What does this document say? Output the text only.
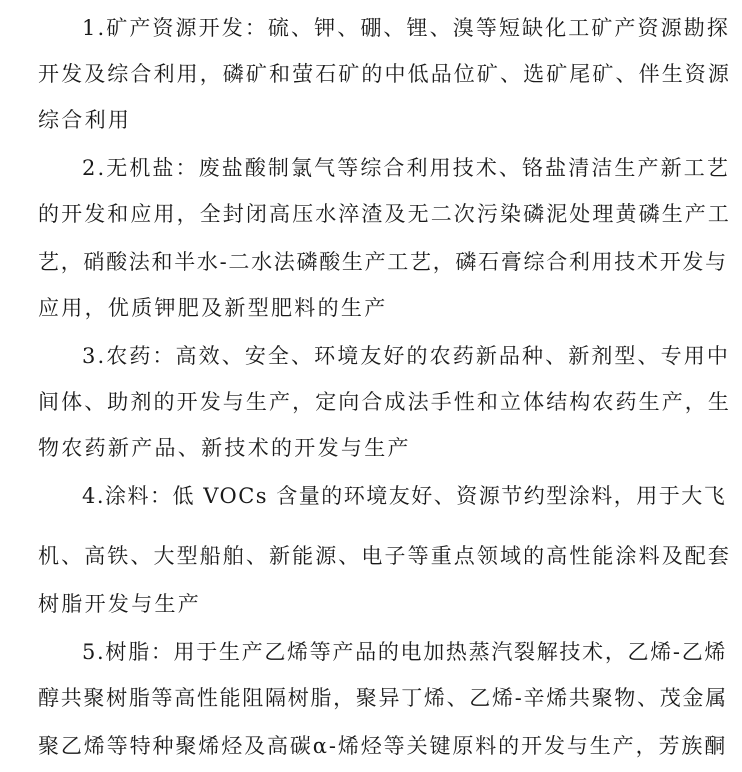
1.矿产资源开发：硫、钾、硼、锂、溴等短缺化工矿产资源勘探
开发及综合利用，磷矿和萤石矿的中低品位矿、选矿尾矿、伴生资源
综合利用
2.无机盐：废盐酸制氯气等综合利用技术、铬盐清洁生产新工艺
的开发和应用，全封闭高压水淬渣及无二次污染磷泥处理黄磷生产工
艺，硝酸法和半水-二水法磷酸生产工艺，磷石膏综合利用技术开发与
应用，优质钾肥及新型肥料的生产
3.农药：高效、安全、环境友好的农药新品种、新剂型、专用中
间体、助剂的开发与生产，定向合成法手性和立体结构农药生产，生
物农药新产品、新技术的开发与生产
4.涂料：低 VOCs 含量的环境友好、资源节约型涂料，用于大飞
机、高铁、大型船舶、新能源、电子等重点领域的高性能涂料及配套
树脂开发与生产
5.树脂：用于生产乙烯等产品的电加热蒸汽裂解技术，乙烯-乙烯
醇共聚树脂等高性能阻隔树脂，聚异丁烯、乙烯-辛烯共聚物、茂金属
聚乙烯等特种聚烯烃及高碳α-烯烃等关键原料的开发与生产，芳族酮
